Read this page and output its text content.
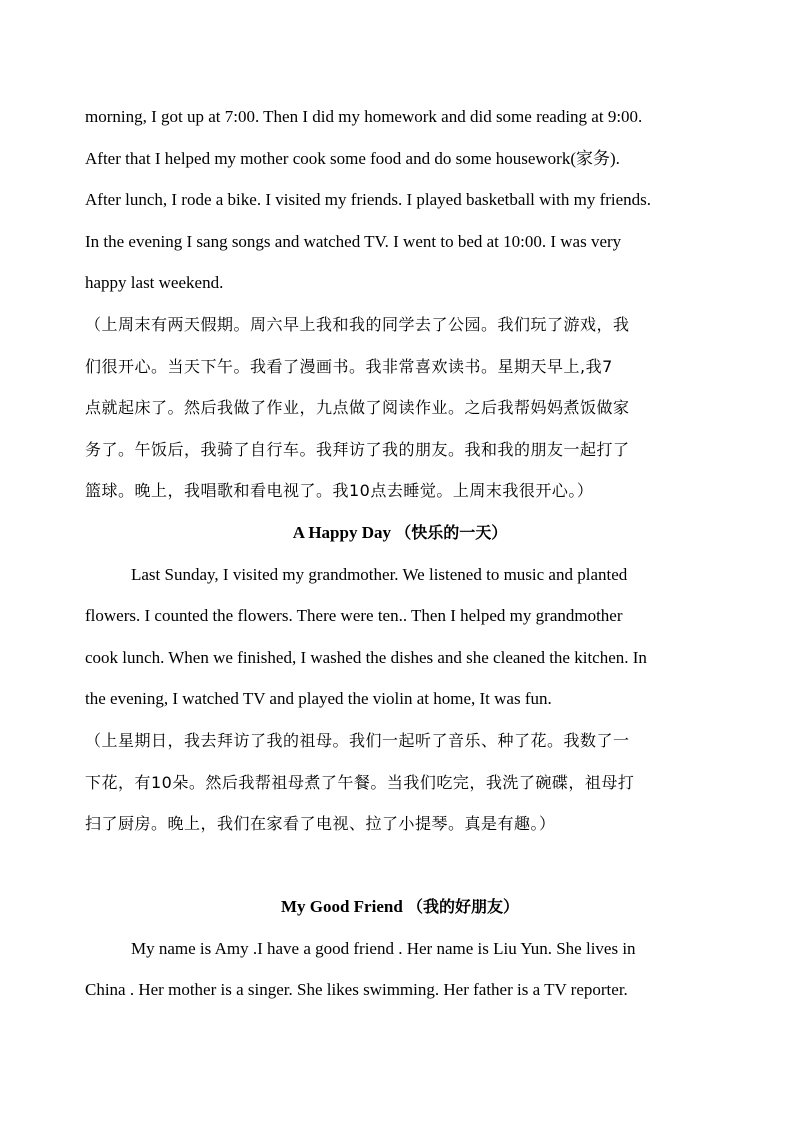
morning, I got up at 7:00. Then I did my homework and did some reading at 9:00.
After that I helped my mother cook some food and do some housework(家务).
After lunch, I rode a bike. I visited my friends. I played basketball with my friends.
In the evening I sang songs and watched TV. I went to bed at 10:00. I was very
happy last weekend.
（上周末有两天假期。周六早上我和我的同学去了公园。我们玩了游戏，我
们很开心。当天下午。我看了漫画书。我非常喜欢读书。星期天早上,我7
点就起床了。然后我做了作业，九点做了阅读作业。之后我帮妈妈煮饭做家
务了。午饭后，我骑了自行车。我拜访了我的朋友。我和我的朋友一起打了
篮球。晚上，我唱歌和看电视了。我10点去睡觉。上周末我很开心。）
A Happy Day （快乐的一天）
Last Sunday, I visited my grandmother. We listened to music and planted
flowers. I counted the flowers. There were ten.. Then I helped my grandmother
cook lunch. When we finished, I washed the dishes and she cleaned the kitchen. In
the evening, I watched TV and played the violin at home, It was fun.
（上星期日，我去拜访了我的祖母。我们一起听了音乐、种了花。我数了一
下花，有10朵。然后我帮祖母煮了午餐。当我们吃完，我洗了碗碟，祖母打
扫了厨房。晚上，我们在家看了电视、拉了小提琴。真是有趣。）
My Good Friend （我的好朋友）
My name is Amy .I have a good friend . Her name is Liu Yun. She lives in
China . Her mother is a singer. She likes swimming. Her father is a TV reporter.
